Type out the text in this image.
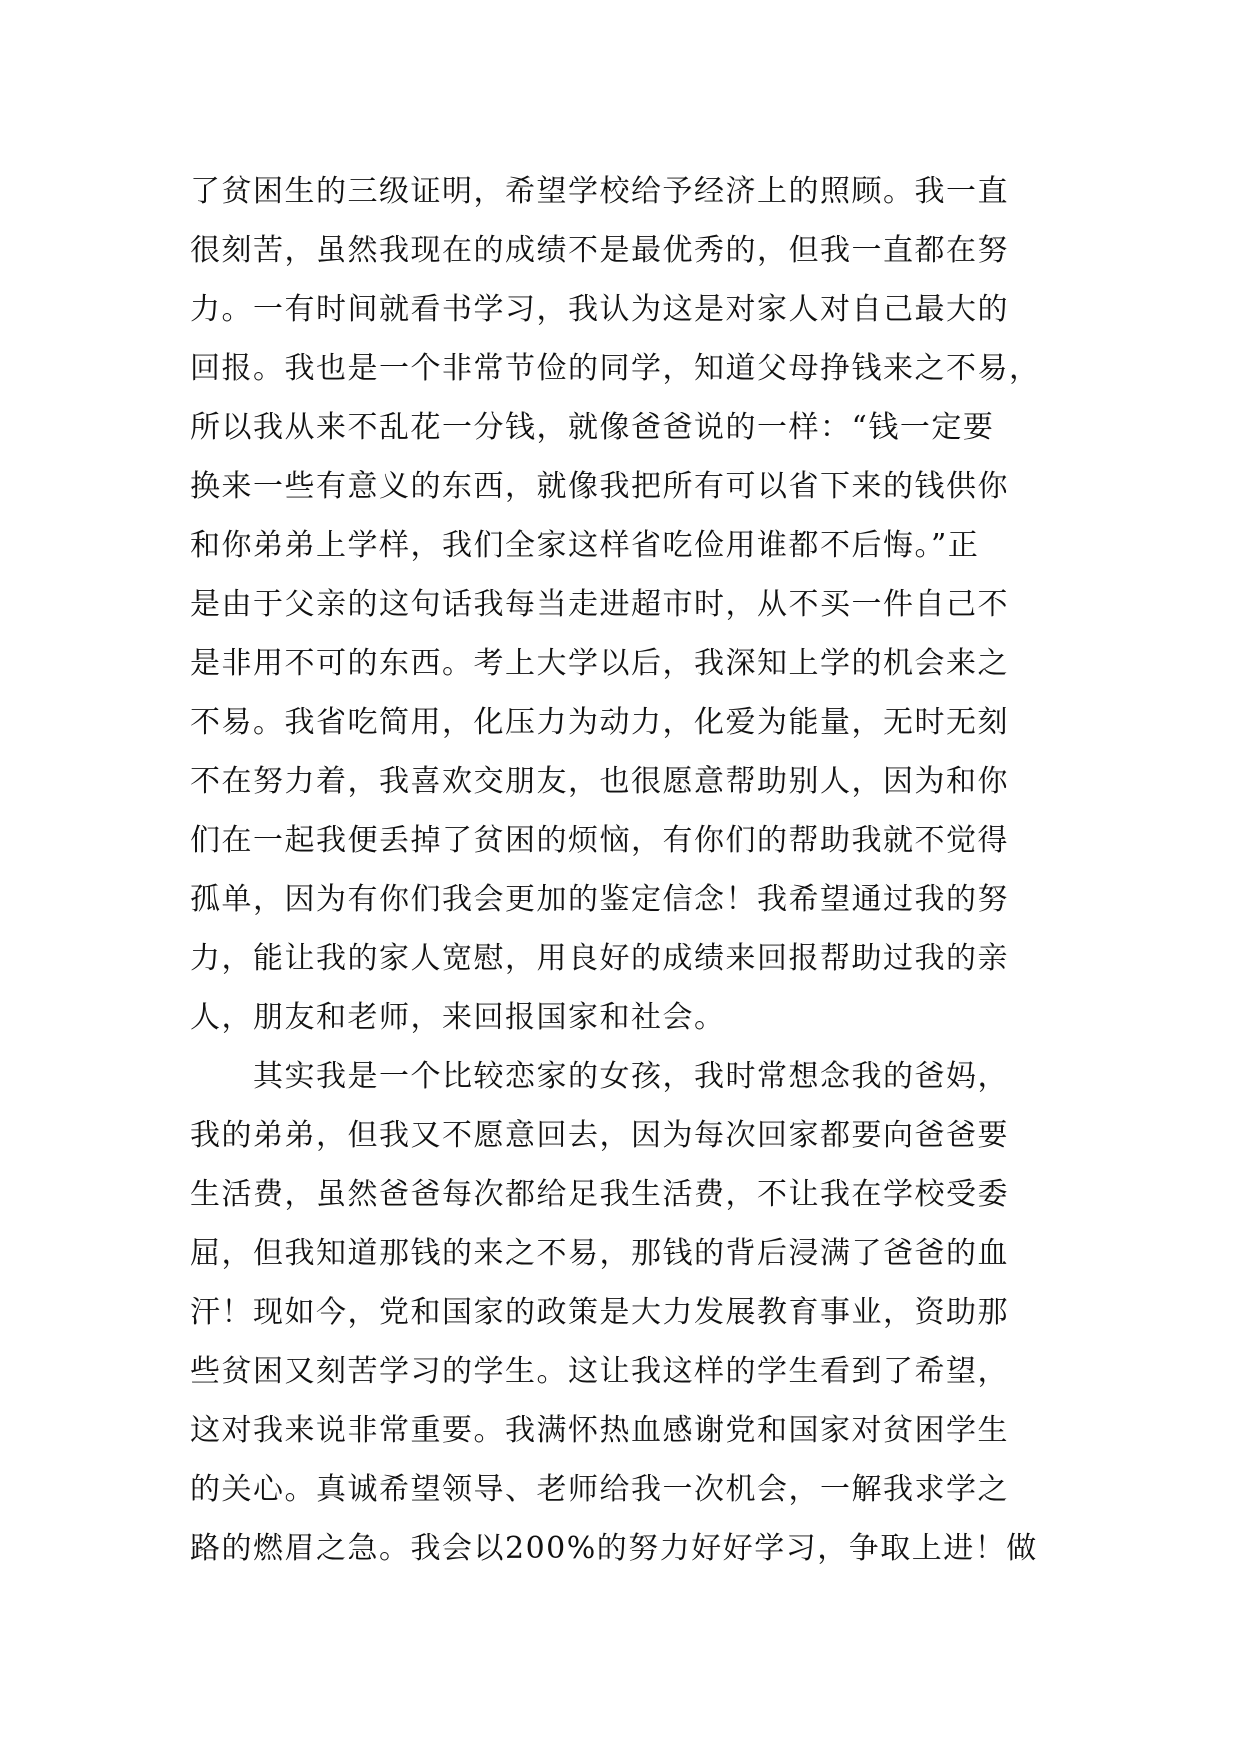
了贫困生的三级证明，希望学校给予经济上的照顾。我一直
很刻苦，虽然我现在的成绩不是最优秀的，但我一直都在努
力。一有时间就看书学习，我认为这是对家人对自己最大的
回报。我也是一个非常节俭的同学，知道父母挣钱来之不易，
所以我从来不乱花一分钱，就像爸爸说的一样：“钱一定要
换来一些有意义的东西，就像我把所有可以省下来的钱供你
和你弟弟上学样，我们全家这样省吃俭用谁都不后悔。”正
是由于父亲的这句话我每当走进超市时，从不买一件自己不
是非用不可的东西。考上大学以后，我深知上学的机会来之
不易。我省吃简用，化压力为动力，化爱为能量，无时无刻
不在努力着，我喜欢交朋友，也很愿意帮助别人，因为和你
们在一起我便丢掉了贫困的烦恼，有你们的帮助我就不觉得
孤单，因为有你们我会更加的鉴定信念！我希望通过我的努
力，能让我的家人宽慰，用良好的成绩来回报帮助过我的亲
人，朋友和老师，来回报国家和社会。
　　其实我是一个比较恋家的女孩，我时常想念我的爸妈，
我的弟弟，但我又不愿意回去，因为每次回家都要向爸爸要
生活费，虽然爸爸每次都给足我生活费，不让我在学校受委
屈，但我知道那钱的来之不易，那钱的背后浸满了爸爸的血
汗！现如今，党和国家的政策是大力发展教育事业，资助那
些贫困又刻苦学习的学生。这让我这样的学生看到了希望，
这对我来说非常重要。我满怀热血感谢党和国家对贫困学生
的关心。真诚希望领导、老师给我一次机会，一解我求学之
路的燃眉之急。我会以200%的努力好好学习，争取上进！做
